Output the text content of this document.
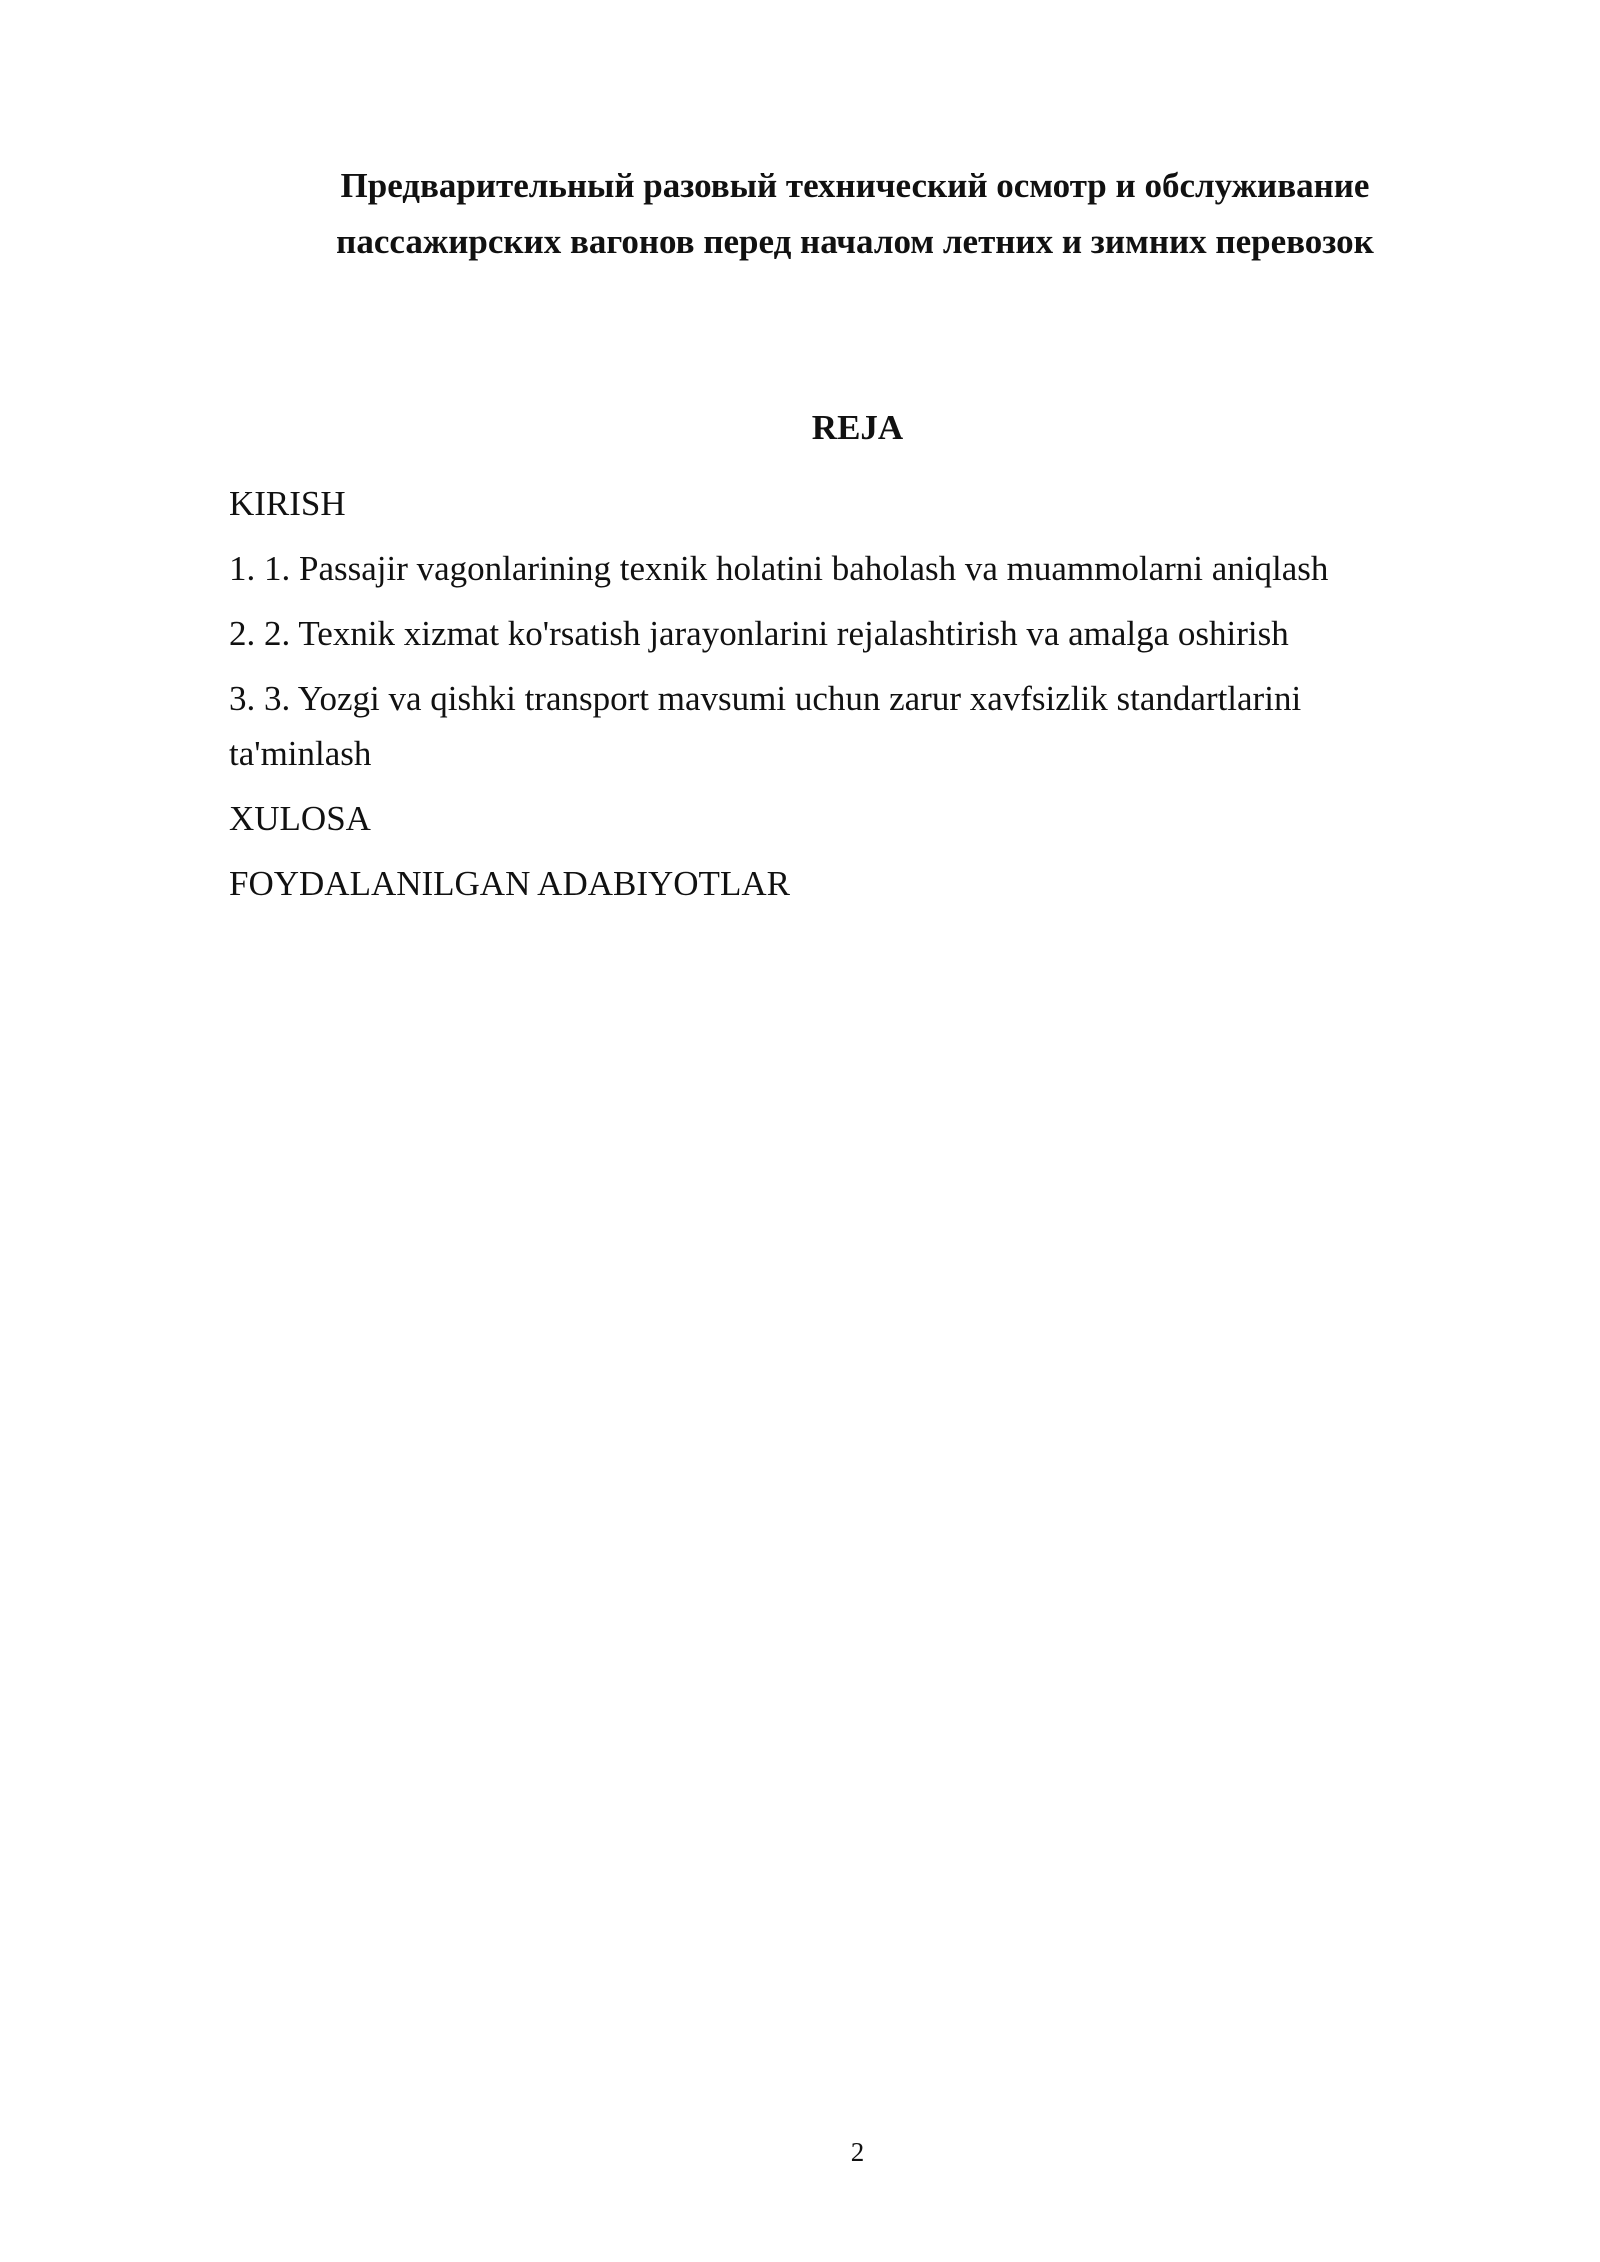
Предварительный разовый технический осмотр и обслуживание
пассажирских вагонов перед началом летних и зимних перевозок
REJA
KIRISH
1. 1. Passajir vagonlarining texnik holatini baholash va muammolarni aniqlash
2. 2. Texnik xizmat ko'rsatish jarayonlarini rejalashtirish va amalga oshirish
3. 3. Yozgi va qishki transport mavsumi uchun zarur xavfsizlik standartlarini ta'minlash
XULOSA
FOYDALANILGAN ADABIYOTLAR
2
